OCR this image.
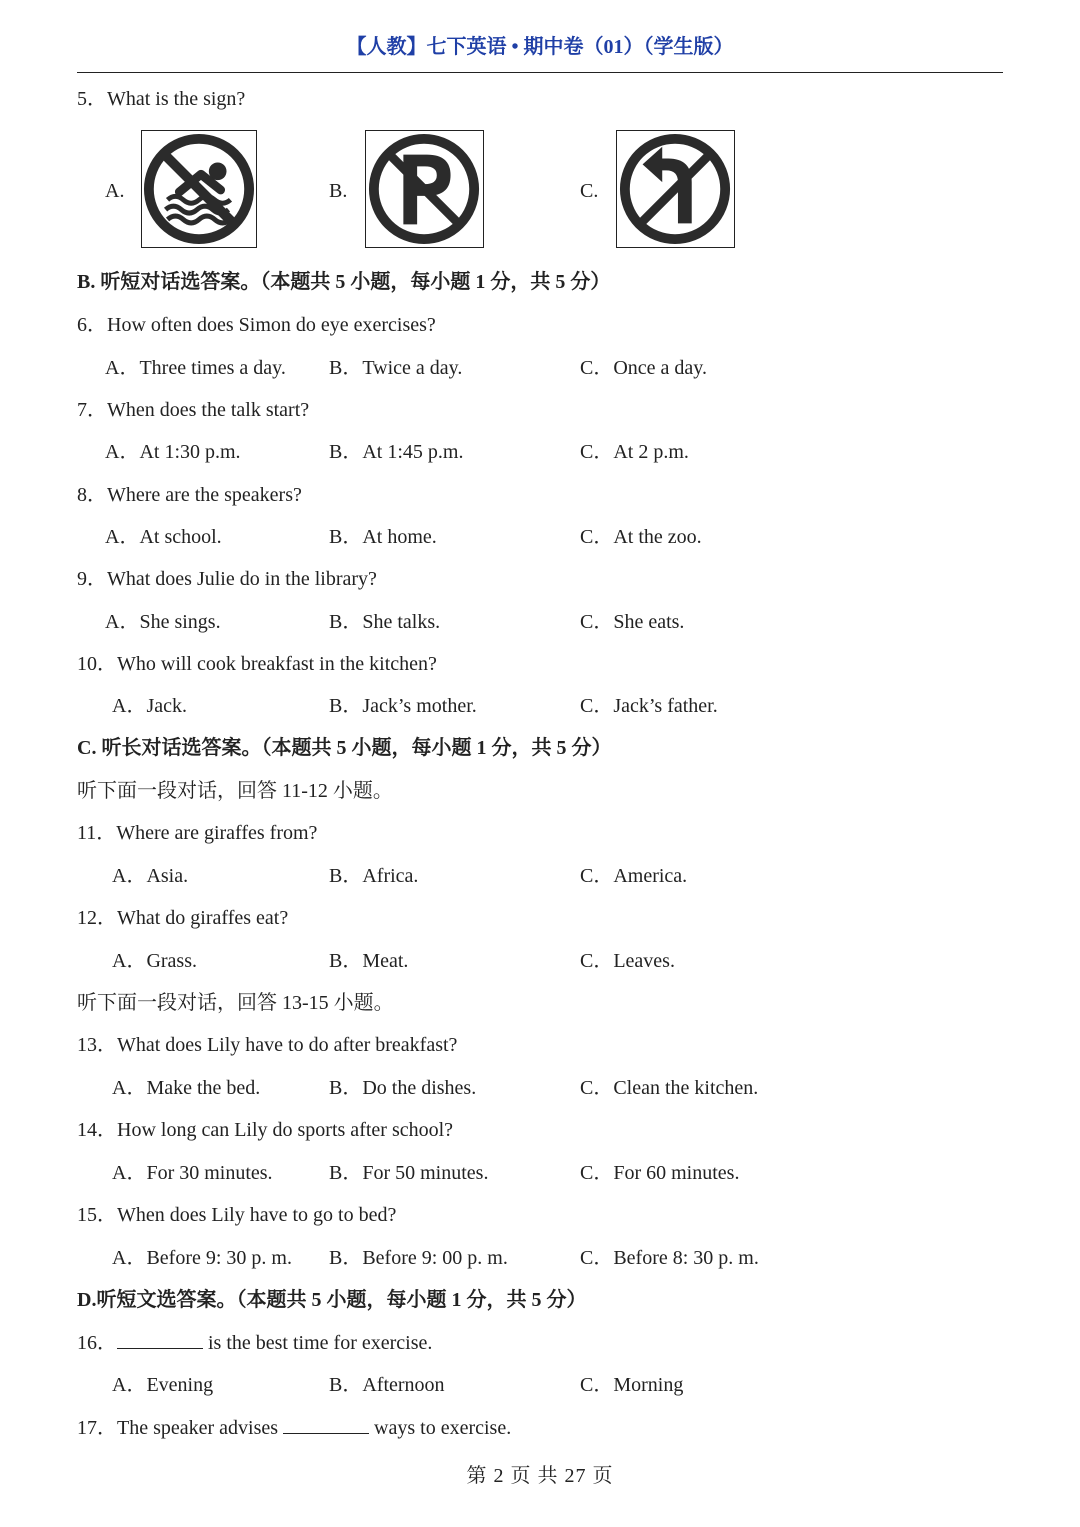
【人教】七下英语 • 期中卷（01）（学生版）
5．What is the sign?
A.	B.	C.
B. 听短对话选答案。（本题共 5 小题，每小题 1 分，共 5 分）
6．How often does Simon do eye exercises?
A．Three times a day. B．Twice a day.	C．Once a day.
7．When does the talk start?
A．At 1:30 p.m.	B．At 1:45 p.m.	C．At 2 p.m.
8．Where are the speakers?
A．At school.	B．At home.	C．At the zoo.
9．What does Julie do in the library?
A．She sings.	B．She talks.	C．She eats.
10．Who will cook breakfast in the kitchen?
A．Jack.	B．Jack’s mother.	C．Jack’s father.
C. 听长对话选答案。（本题共 5 小题，每小题 1 分，共 5 分）
听下面一段对话，回答 11-12 小题。
11．Where are giraffes from?
A．Asia.	B．Africa.	C．America.
12．What do giraffes eat?
A．Grass.	B．Meat.	C．Leaves.
听下面一段对话，回答 13-15 小题。
13．What does Lily have to do after breakfast?
A．Make the bed.	B．Do the dishes.	C．Clean the kitchen.
14．How long can Lily do sports after school?
A．For 30 minutes.	B．For 50 minutes.	C．For 60 minutes.
15．When does Lily have to go to bed?
A．Before 9: 30 p. m. B．Before 9: 00 p. m.	C．Before 8: 30 p. m.
D.听短文选答案。（本题共 5 小题，每小题 1 分，共 5 分）
16．	is the best time for exercise.
A．Evening	B．Afternoon	C．Morning
17．The speaker advises	ways to exercise.
第 2 页 共 27 页
